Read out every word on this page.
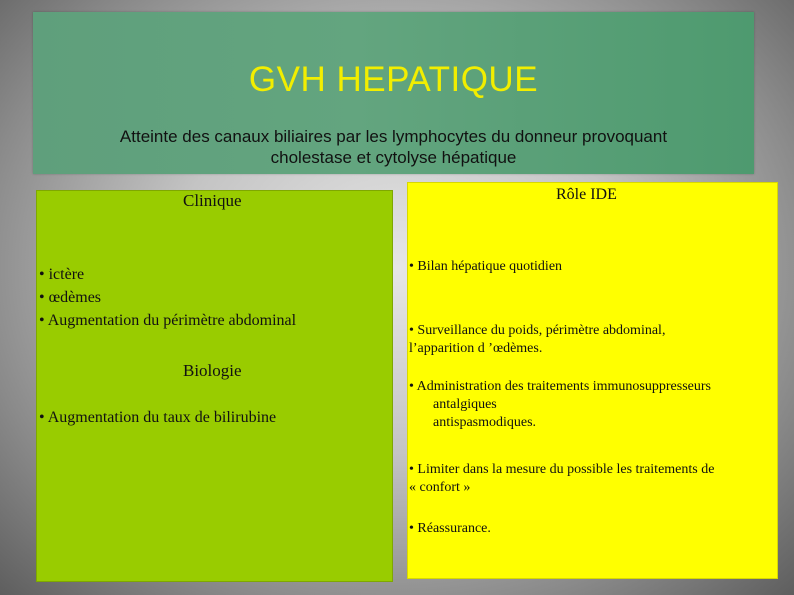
GVH HEPATIQUE
Atteinte des canaux biliaires par les lymphocytes du donneur provoquant
cholestase et cytolyse hépatique
Clinique
• ictère
• œdèmes
• Augmentation du périmètre abdominal
Biologie
• Augmentation du taux de bilirubine
Rôle IDE
• Bilan hépatique quotidien
• Surveillance du poids, périmètre abdominal,
l’apparition d ’œdèmes.
• Administration des traitements immunosuppresseurs
antalgiques
antispasmodiques.
• Limiter dans la mesure du possible les traitements de
« confort »
• Réassurance.
